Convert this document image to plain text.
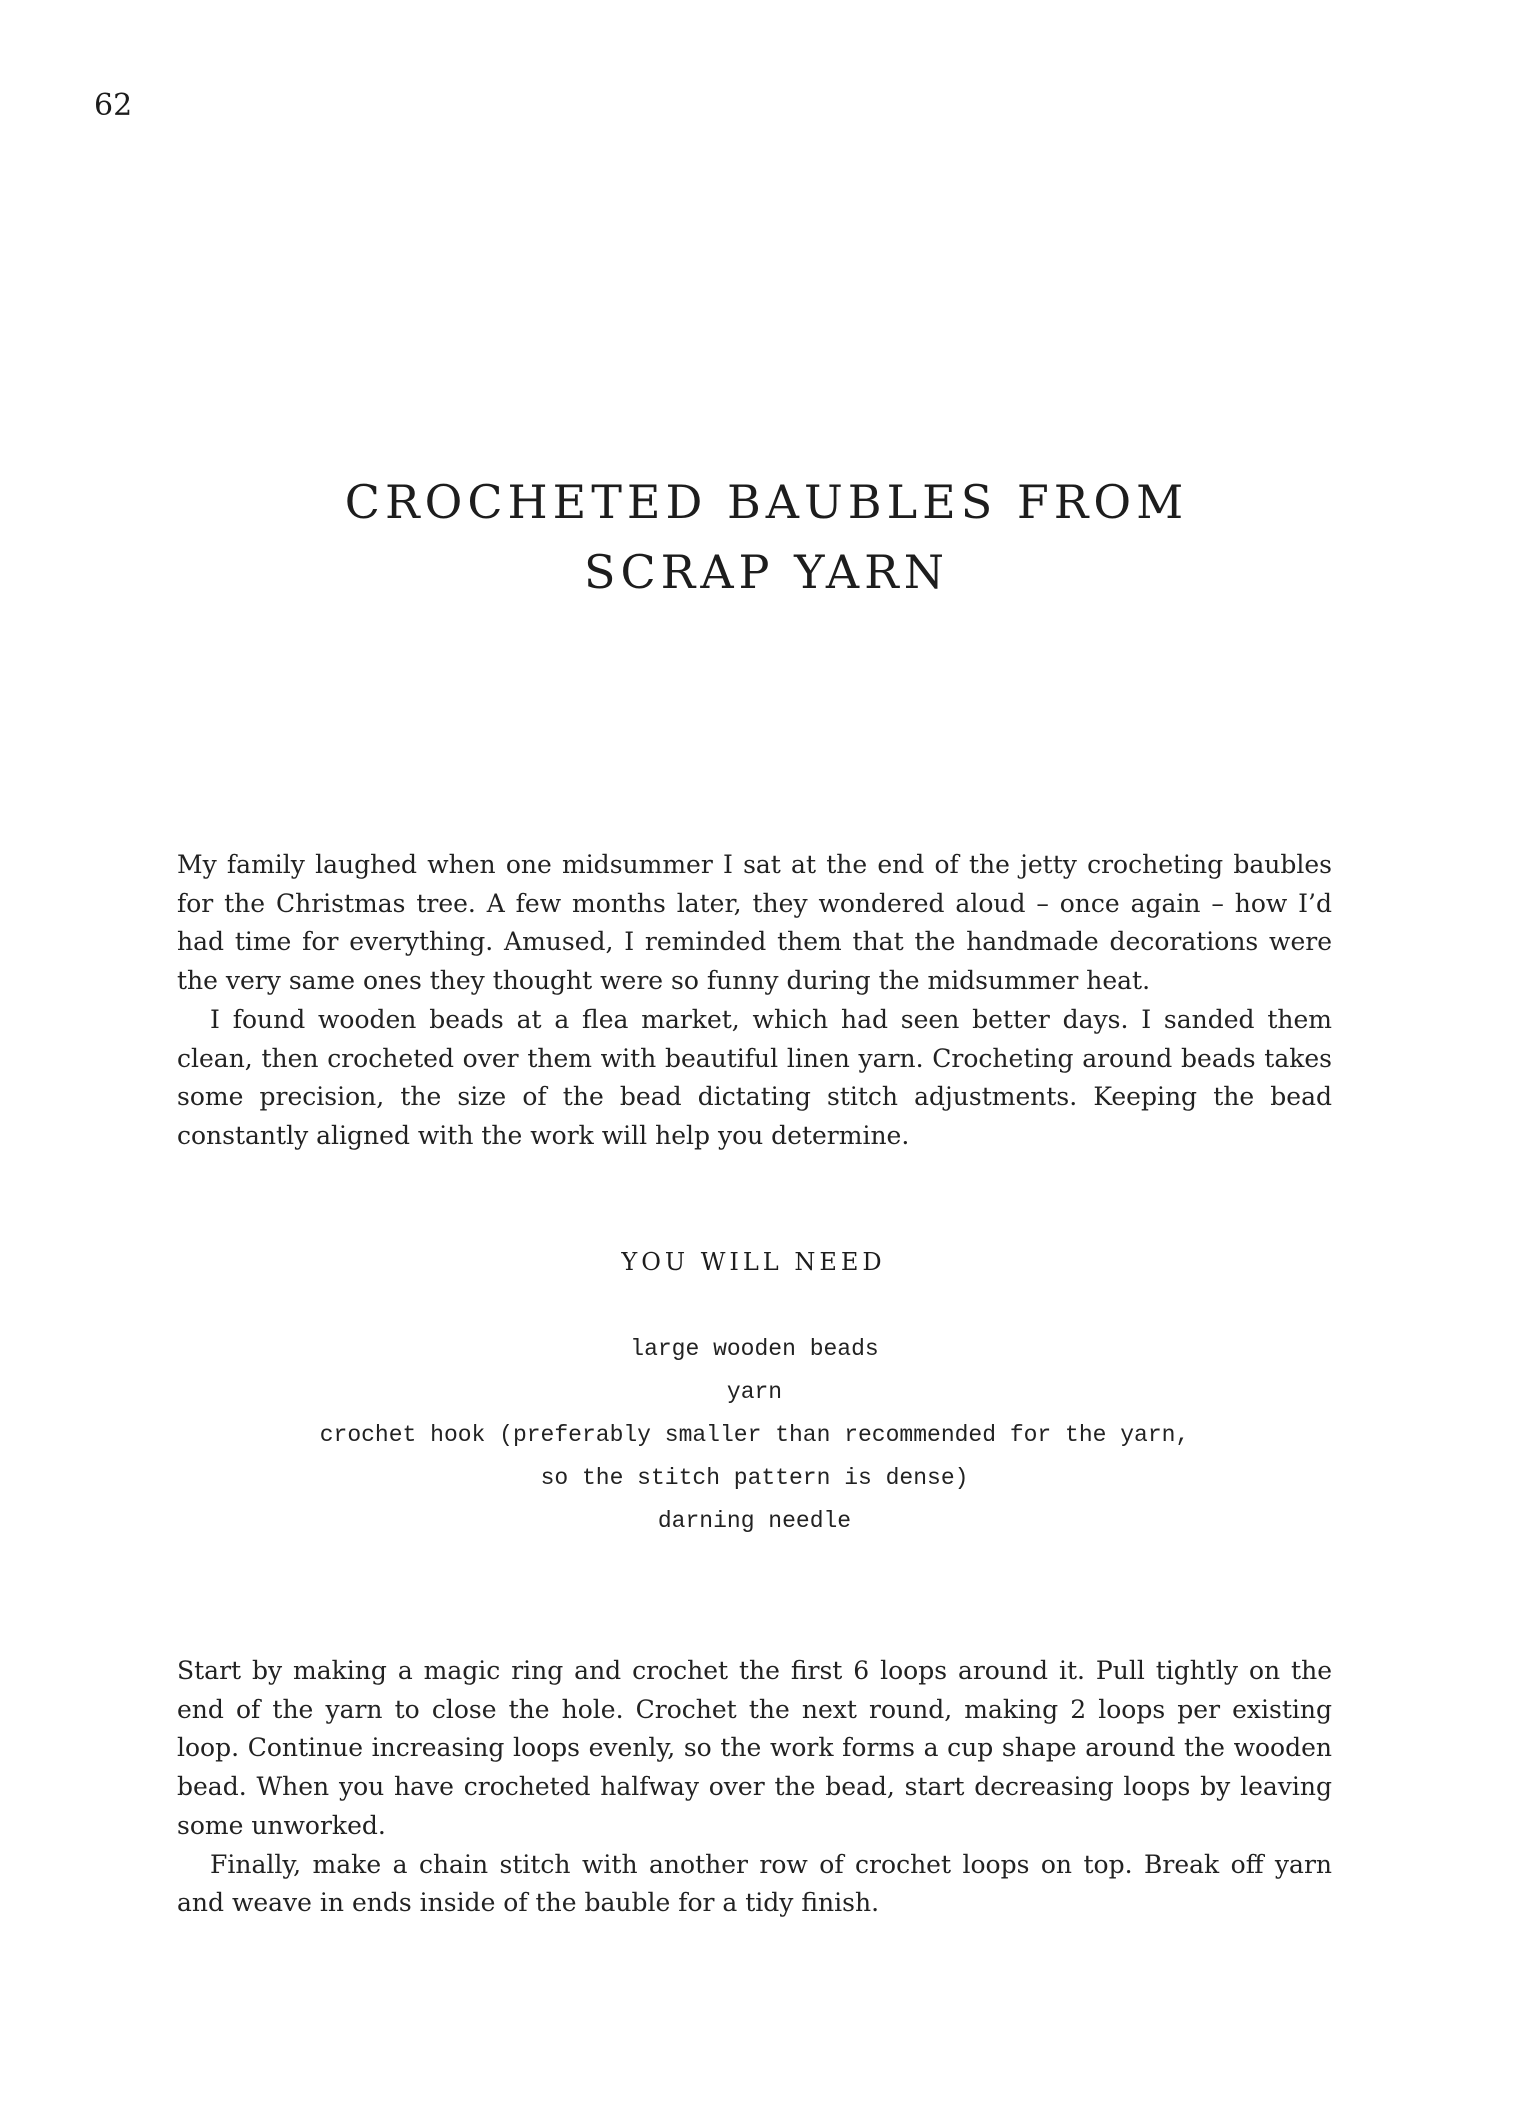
62
CROCHETED BAUBLES FROM
SCRAP YARN

My family laughed when one midsummer I sat at the end of the jetty crocheting baubles for the Christmas tree. A few months later, they wondered aloud – once again – how I’d had time for everything. Amused, I reminded them that the handmade decorations were the very same ones they thought were so funny during the midsummer heat.

I found wooden beads at a flea market, which had seen better days. I sanded them clean, then crocheted over them with beautiful linen yarn. Crocheting around beads takes some precision, the size of the bead dictating stitch adjustments. Keeping the bead constantly aligned with the work will help you determine.

YOU WILL NEED
large wooden beads
yarn
crochet hook (preferably smaller than recommended for the yarn, so the stitch pattern is dense)
darning needle

Start by making a magic ring and crochet the first 6 loops around it. Pull tightly on the end of the yarn to close the hole. Crochet the next round, making 2 loops per existing loop. Continue increasing loops evenly, so the work forms a cup shape around the wooden bead. When you have crocheted halfway over the bead, start decreasing loops by leaving some unworked.

Finally, make a chain stitch with another row of crochet loops on top. Break off yarn and weave in ends inside of the bauble for a tidy finish.
